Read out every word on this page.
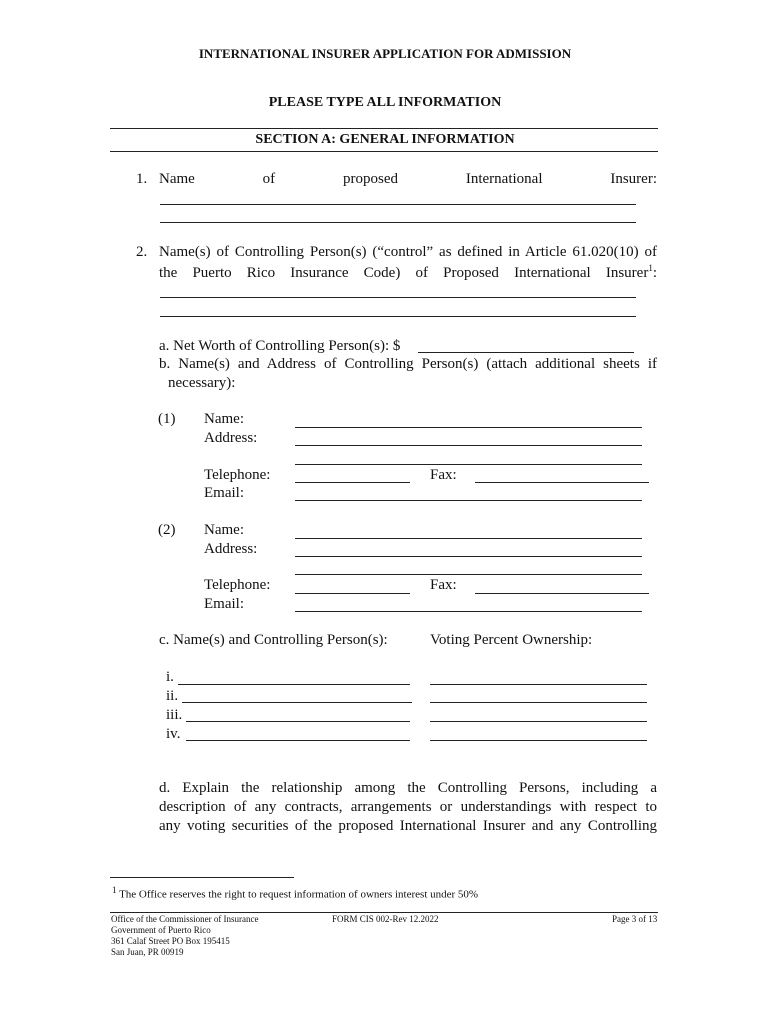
INTERNATIONAL INSURER APPLICATION FOR ADMISSION
PLEASE TYPE ALL INFORMATION
SECTION A: GENERAL INFORMATION
1. Name	of	proposed	International	Insurer:
2. Name(s) of Controlling Person(s) (“control” as defined in Article 61.020(10) of
the Puerto Rico Insurance Code) of Proposed International Insurer$^1$:
a. Net Worth of Controlling Person(s): $
b. Name(s) and Address of Controlling Person(s) (attach additional sheets if
necessary):
(1) Name:
Address:
Telephone:	Fax:
Email:
(2) Name:
Address:
Telephone:	Fax:
Email:
c. Name(s) and Controlling Person(s):	Voting Percent Ownership:
i.
ii.
iii.
iv.
d. Explain the relationship among the Controlling Persons, including a
description of any contracts, arrangements or understandings with respect to
any voting securities of the proposed International Insurer and any Controlling
$^1$ The Office reserves the right to request information of owners interest under 50%
Office of the Commissioner of Insurance
Government of Puerto Rico
361 Calaf Street PO Box 195415
San Juan, PR 00919
FORM CIS 002-Rev 12.2022	Page 3 of 13
